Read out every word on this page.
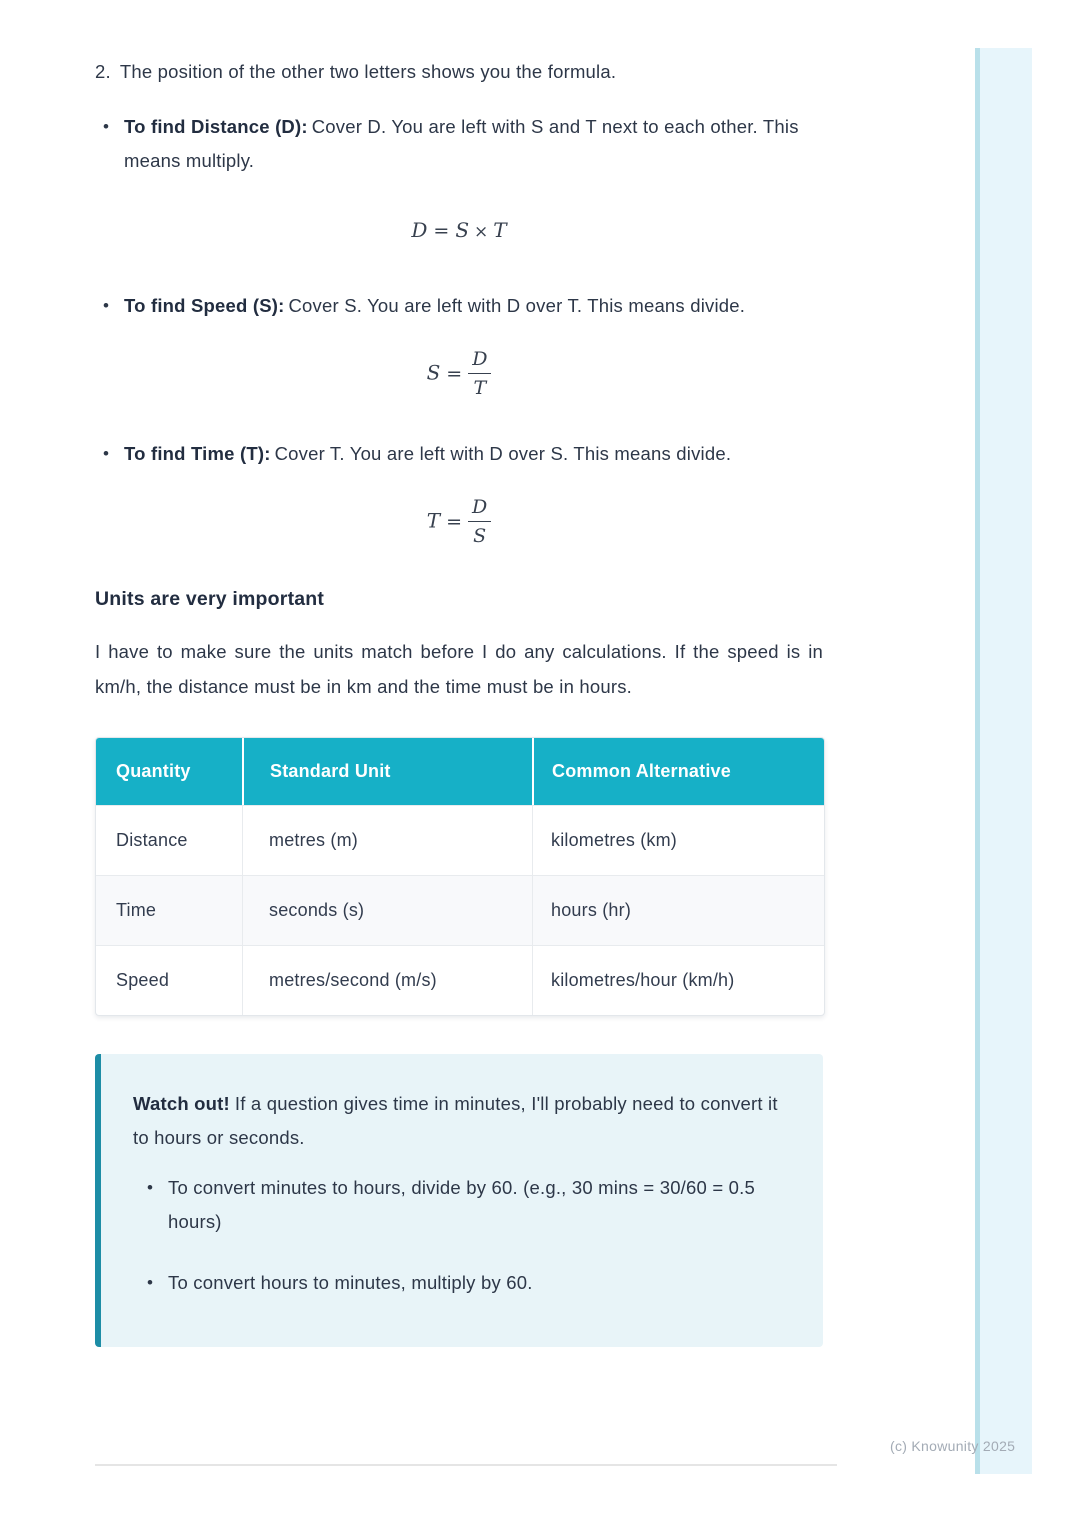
2. The position of the other two letters shows you the formula.
• To find Distance (D): Cover D. You are left with S and T next to each other. This means multiply.
D = S × T
• To find Speed (S): Cover S. You are left with D over T. This means divide.
$S = \frac{D}{T}$
• To find Time (T): Cover T. You are left with D over S. This means divide.
$T = \frac{D}{S}$
Units are very important

I have to make sure the units match before I do any calculations. If the speed is in km/h, the distance must be in km and the time must be in hours.

Quantity	Standard Unit	Common Alternative
Distance	metres (m)	kilometres (km)
Time	seconds (s)	hours (hr)
Speed	metres/second (m/s)	kilometres/hour (km/h)
Watch out! If a question gives time in minutes, I'll probably need to convert it to hours or seconds.
• To convert minutes to hours, divide by 60. (e.g., 30 mins = 30/60 = 0.5 hours)
• To convert hours to minutes, multiply by 60.
(c) Knowunity 2025
